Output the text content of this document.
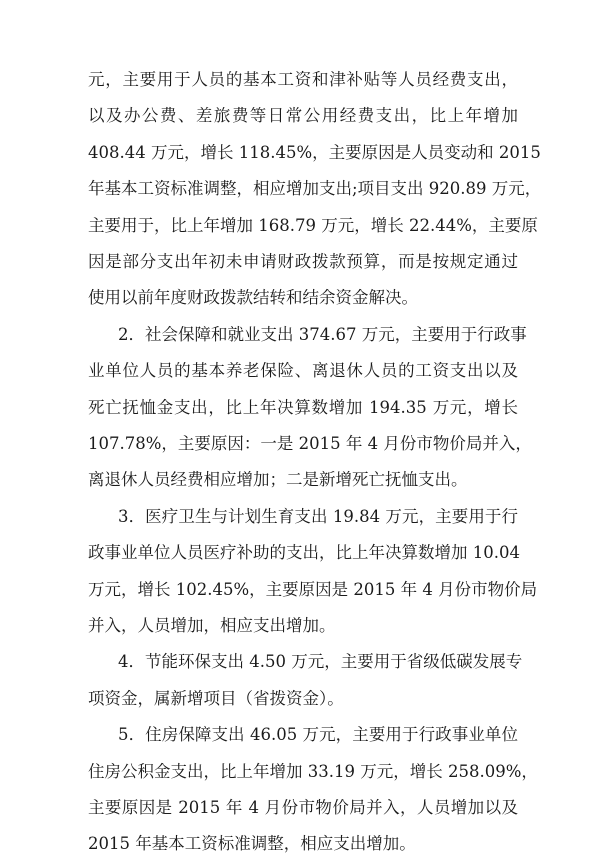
元，主要用于人员的基本工资和津补贴等人员经费支出，
以及办公费、差旅费等日常公用经费支出，比上年增加
408.44 万元，增长 118.45%，主要原因是人员变动和 2015
年基本工资标准调整，相应增加支出;项目支出 920.89 万元，
主要用于，比上年增加 168.79 万元，增长 22.44%，主要原
因是部分支出年初未申请财政拨款预算，而是按规定通过
使用以前年度财政拨款结转和结余资金解决。
2．社会保障和就业支出 374.67 万元，主要用于行政事
业单位人员的基本养老保险、离退休人员的工资支出以及
死亡抚恤金支出，比上年决算数增加 194.35 万元，增长
107.78%，主要原因：一是 2015 年 4 月份市物价局并入，
离退休人员经费相应增加；二是新增死亡抚恤支出。
3．医疗卫生与计划生育支出 19.84 万元，主要用于行
政事业单位人员医疗补助的支出，比上年决算数增加 10.04
万元，增长 102.45%，主要原因是 2015 年 4 月份市物价局
并入，人员增加，相应支出增加。
4．节能环保支出 4.50 万元，主要用于省级低碳发展专
项资金，属新增项目（省拨资金）。
5．住房保障支出 46.05 万元，主要用于行政事业单位
住房公积金支出，比上年增加 33.19 万元，增长 258.09%，
主要原因是 2015 年 4 月份市物价局并入，人员增加以及
2015 年基本工资标准调整，相应支出增加。
